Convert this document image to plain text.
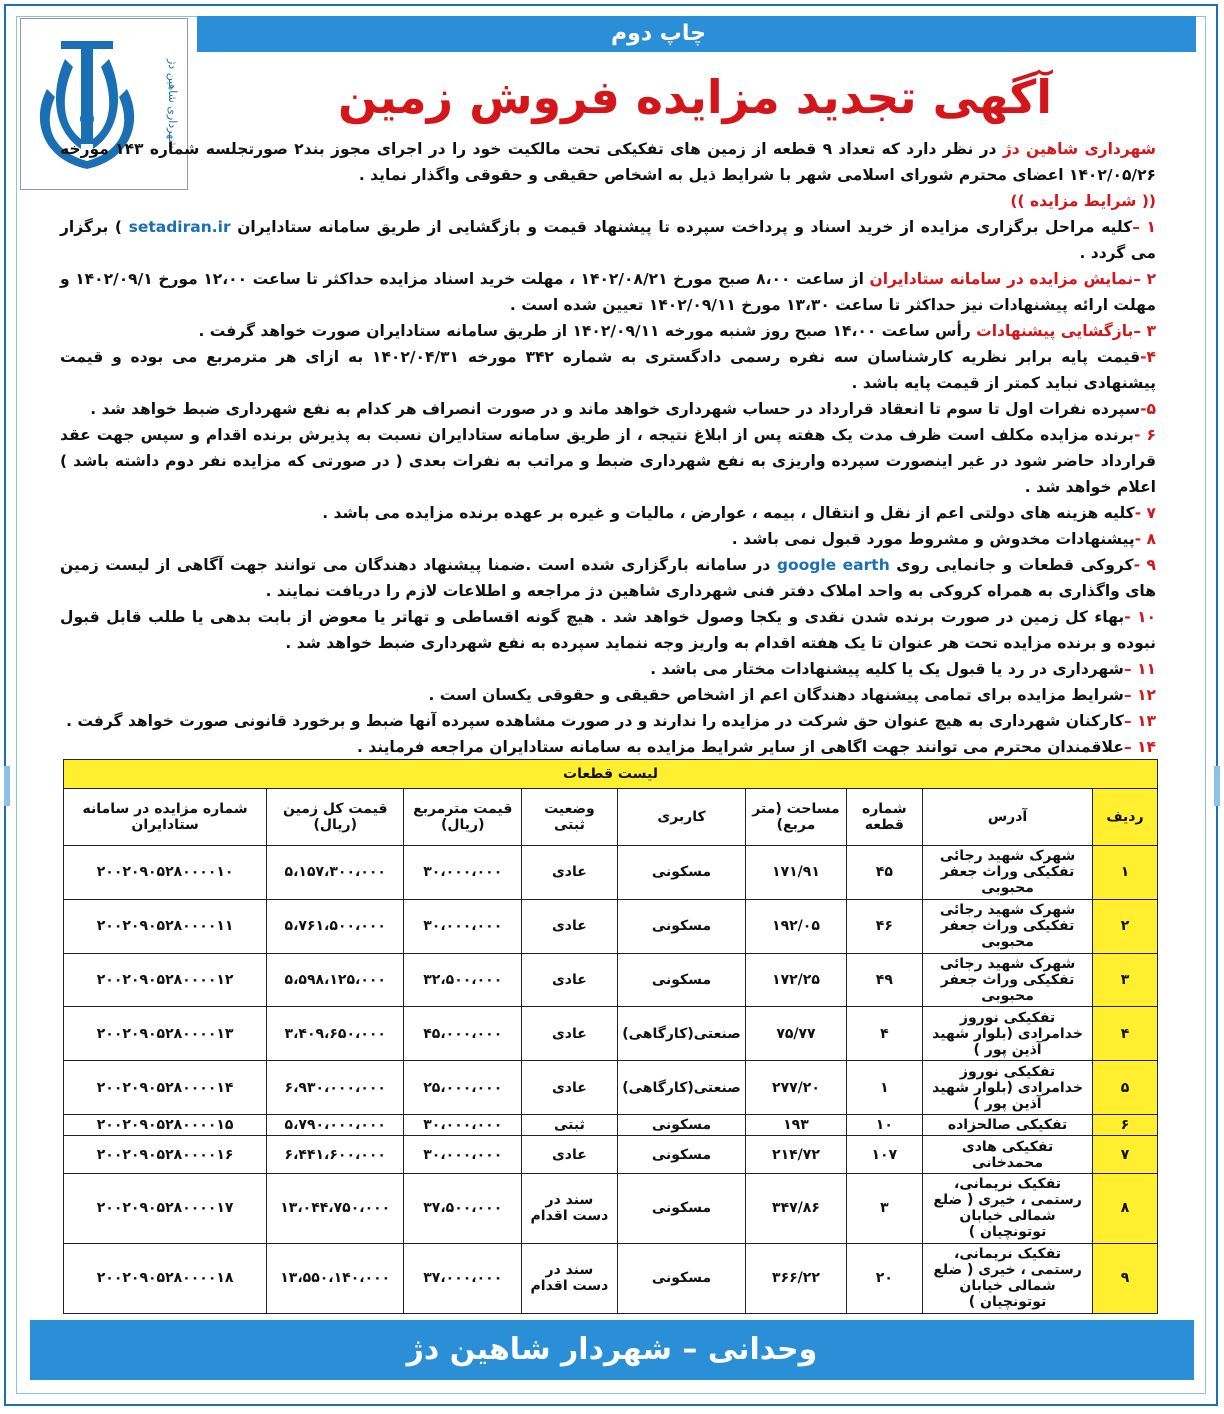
شهرداری شاهین دژ
چاپ دوم
آگهی تجدید مزایده فروش زمین

شهرداری شاهین دژ در نظر دارد که تعداد ۹ قطعه از زمین های تفکیکی تحت مالکیت خود را در اجرای مجوز بند۲ صورتجلسه شماره ۱۴۳ مورخه ۱۴۰۲/۰۵/۲۶ اعضای محترم شورای اسلامی شهر با شرایط ذیل به اشخاص حقیقی و حقوقی واگذار نماید .

(( شرایط مزایده ))

۱ –کلیه مراحل برگزاری مزایده از خرید اسناد و پرداخت سپرده تا پیشنهاد قیمت و بازگشایی از طریق سامانه ستادایران setadiran.ir ) برگزار می گردد .

۲ –نمایش مزایده در سامانه ستادایران از ساعت ۸،۰۰ صبح مورخ ۱۴۰۲/۰۸/۲۱ ، مهلت خرید اسناد مزایده حداکثر تا ساعت ۱۲،۰۰ مورخ ۱۴۰۲/۰۹/۱ و مهلت ارائه پیشنهادات نیز حداکثر تا ساعت ۱۳،۳۰ مورخ ۱۴۰۲/۰۹/۱۱ تعیین شده است .

۳ –بازگشایی پیشنهادات رأس ساعت ۱۴،۰۰ صبح روز شنبه مورخه ۱۴۰۲/۰۹/۱۱ از طریق سامانه ستادایران صورت خواهد گرفت .

۴-قیمت پایه برابر نظریه کارشناسان سه نفره رسمی دادگستری به شماره ۳۴۲ مورخه ۱۴۰۲/۰۴/۳۱ به ازای هر مترمربع می بوده و قیمت پیشنهادی نباید کمتر از قیمت پایه باشد .

۵-سپرده نفرات اول تا سوم تا انعقاد قرارداد در حساب شهرداری خواهد ماند و در صورت انصراف هر کدام به نفع شهرداری ضبط خواهد شد .

۶ -برنده مزایده مکلف است ظرف مدت یک هفته پس از ابلاغ نتیجه ، از طریق سامانه ستادایران نسبت به پذیرش برنده اقدام و سپس جهت عقد قرارداد حاضر شود در غیر اینصورت سپرده واریزی به نفع شهرداری ضبط و مراتب به نفرات بعدی ( در صورتی که مزایده نفر دوم داشته باشد ) اعلام خواهد شد .

۷ -کلیه هزینه های دولتی اعم از نقل و انتقال ، بیمه ، عوارض ، مالیات و غیره بر عهده برنده مزایده می باشد .

۸ -پیشنهادات مخدوش و مشروط مورد قبول نمی باشد .

۹ -کروکی قطعات و جانمایی روی google earth در سامانه بارگزاری شده است .ضمنا پیشنهاد دهندگان می توانند جهت آگاهی از لیست زمین های واگذاری به همراه کروکی به واحد املاک دفتر فنی شهرداری شاهین دژ مراجعه و اطلاعات لازم را دریافت نمایند .

۱۰ -بهاء کل زمین در صورت برنده شدن نقدی و یکجا وصول خواهد شد . هیچ گونه اقساطی و تهاتر یا معوض از بابت بدهی یا طلب قابل قبول نبوده و برنده مزایده تحت هر عنوان تا یک هفته اقدام به واریز وجه ننماید سپرده به نفع شهرداری ضبط خواهد شد .

۱۱ –شهرداری در رد یا قبول یک یا کلیه پیشنهادات مختار می باشد .

۱۲ –شرایط مزایده برای تمامی پیشنهاد دهندگان اعم از اشخاص حقیقی و حقوقی یکسان است .

۱۳ –کارکنان شهرداری به هیچ عنوان حق شرکت در مزایده را ندارند و در صورت مشاهده سپرده آنها ضبط و برخورد قانونی صورت خواهد گرفت .

۱۴ –علاقمندان محترم می توانند جهت اگاهی از سایر شرایط مزایده به سامانه ستادایران مراجعه فرمایند .

لیست قطعات								
ردیف	آدرس	شماره قطعه	مساحت (متر مربع)	کاربری	وضعیت ثبتی	قیمت مترمربع (ریال)	قیمت کل زمین (ریال)	شماره مزایده در سامانه ستادایران
۱	شهرک شهید رجائی تفکیکی وراث جعفر محبوبی	۴۵	۱۷۱/۹۱	مسکونی	عادی	۳۰،۰۰۰،۰۰۰	۵،۱۵۷،۳۰۰،۰۰۰	۲۰۰۲۰۹۰۵۲۸۰۰۰۰۱۰
۲	شهرک شهید رجائی تفکیکی وراث جعفر محبوبی	۴۶	۱۹۲/۰۵	مسکونی	عادی	۳۰،۰۰۰،۰۰۰	۵،۷۶۱،۵۰۰،۰۰۰	۲۰۰۲۰۹۰۵۲۸۰۰۰۰۱۱
۳	شهرک شهید رجائی تفکیکی وراث جعفر محبوبی	۴۹	۱۷۲/۲۵	مسکونی	عادی	۳۲،۵۰۰،۰۰۰	۵،۵۹۸،۱۲۵،۰۰۰	۲۰۰۲۰۹۰۵۲۸۰۰۰۰۱۲
۴	تفکیکی نوروز خدامرادی (بلوار شهید آذین پور )	۴	۷۵/۷۷	صنعتی(کارگاهی)	عادی	۴۵،۰۰۰،۰۰۰	۳،۴۰۹،۶۵۰،۰۰۰	۲۰۰۲۰۹۰۵۲۸۰۰۰۰۱۳
۵	تفکیکی نوروز خدامرادی (بلوار شهید آذین پور )	۱	۲۷۷/۲۰	صنعتی(کارگاهی)	عادی	۲۵،۰۰۰،۰۰۰	۶،۹۳۰،۰۰۰،۰۰۰	۲۰۰۲۰۹۰۵۲۸۰۰۰۰۱۴
۶	تفکیکی صالحزاده	۱۰	۱۹۳	مسکونی	ثبتی	۳۰،۰۰۰،۰۰۰	۵،۷۹۰،۰۰۰،۰۰۰	۲۰۰۲۰۹۰۵۲۸۰۰۰۰۱۵
۷	تفکیکی هادی محمدخانی	۱۰۷	۲۱۴/۷۲	مسکونی	عادی	۳۰،۰۰۰،۰۰۰	۶،۴۴۱،۶۰۰،۰۰۰	۲۰۰۲۰۹۰۵۲۸۰۰۰۰۱۶
۸	تفکیک نریمانی، رستمی ، خیری ( ضلع شمالی خیابان توتونچیان )	۳	۳۴۷/۸۶	مسکونی	سند در دست اقدام	۳۷،۵۰۰،۰۰۰	۱۳،۰۴۴،۷۵۰،۰۰۰	۲۰۰۲۰۹۰۵۲۸۰۰۰۰۱۷
۹	تفکیک نریمانی، رستمی ، خیری ( ضلع شمالی خیابان توتونچیان )	۲۰	۳۶۶/۲۲	مسکونی	سند در دست اقدام	۳۷،۰۰۰،۰۰۰	۱۳،۵۵۰،۱۴۰،۰۰۰	۲۰۰۲۰۹۰۵۲۸۰۰۰۰۱۸
وحدانی – شهردار شاهین دژ
